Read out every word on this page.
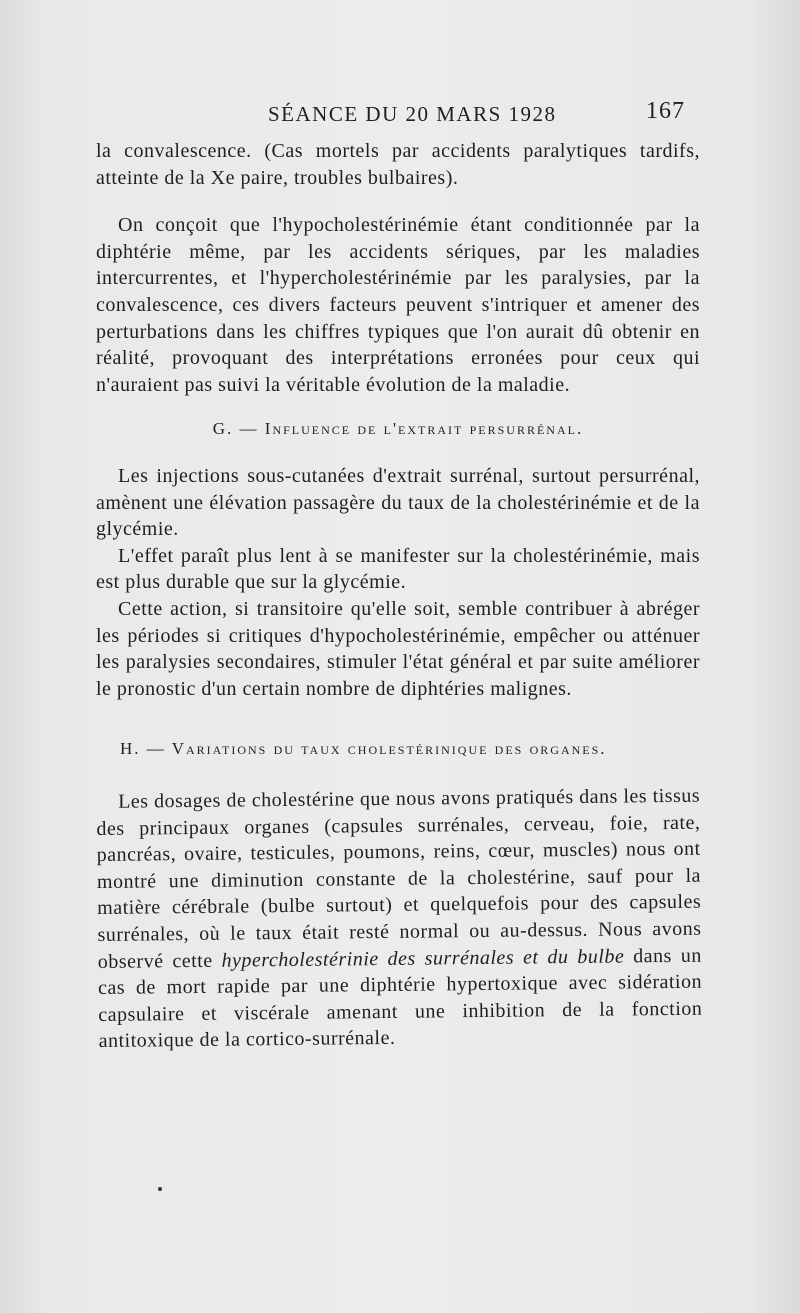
SÉANCE DU 20 MARS 1928	167

la convalescence. (Cas mortels par accidents paralytiques tardifs, atteinte de la Xe paire, troubles bulbaires).

On conçoit que l'hypocholestérinémie étant conditionnée par la diphtérie même, par les accidents sériques, par les maladies intercurrentes, et l'hypercholestérinémie par les paralysies, par la convalescence, ces divers facteurs peuvent s'intriquer et amener des perturbations dans les chiffres typiques que l'on aurait dû obtenir en réalité, provoquant des interprétations erronées pour ceux qui n'auraient pas suivi la véritable évolution de la maladie.

G. — Influence de l'extrait persurrénal.

Les injections sous-cutanées d'extrait surrénal, surtout persurrénal, amènent une élévation passagère du taux de la cholestérinémie et de la glycémie.

L'effet paraît plus lent à se manifester sur la cholestérinémie, mais est plus durable que sur la glycémie.

Cette action, si transitoire qu'elle soit, semble contribuer à abréger les périodes si critiques d'hypocholestérinémie, empêcher ou atténuer les paralysies secondaires, stimuler l'état général et par suite améliorer le pronostic d'un certain nombre de diphtéries malignes.

H. — Variations du taux cholestérinique des organes.

Les dosages de cholestérine que nous avons pratiqués dans les tissus des principaux organes (capsules surrénales, cerveau, foie, rate, pancréas, ovaire, testicules, poumons, reins, cœur, muscles) nous ont montré une diminution constante de la cholestérine, sauf pour la matière cérébrale (bulbe surtout) et quelquefois pour des capsules surrénales, où le taux était resté normal ou au-dessus. Nous avons observé cette hypercholestérinie des surrénales et du bulbe dans un cas de mort rapide par une diphtérie hypertoxique avec sidération capsulaire et viscérale amenant une inhibition de la fonction antitoxique de la cortico-surrénale.
